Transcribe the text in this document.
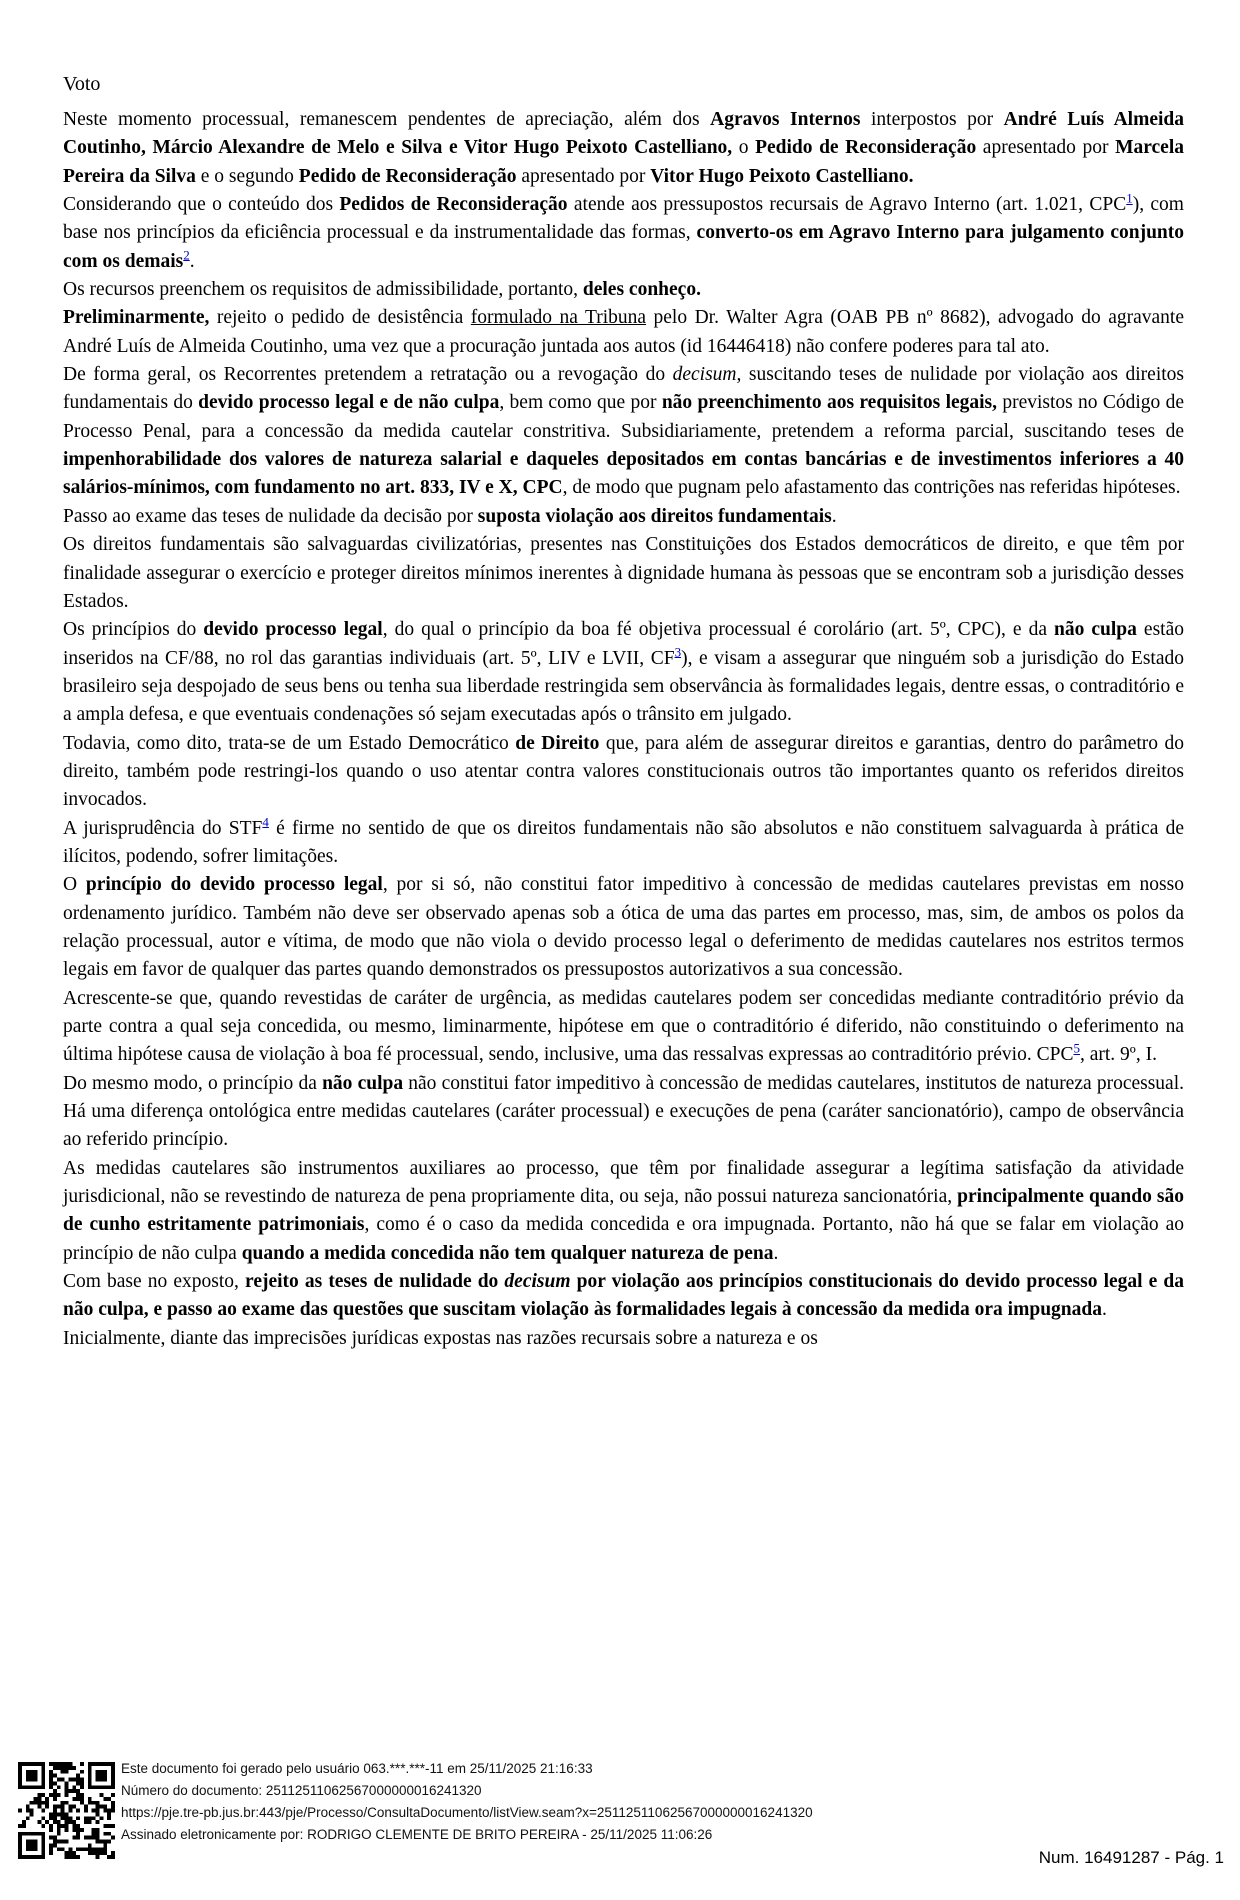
Voto

Neste momento processual, remanescem pendentes de apreciação, além dos Agravos Internos interpostos por André Luís Almeida Coutinho, Márcio Alexandre de Melo e Silva e Vitor Hugo Peixoto Castelliano, o Pedido de Reconsideração apresentado por Marcela Pereira da Silva e o segundo Pedido de Reconsideração apresentado por Vitor Hugo Peixoto Castelliano.

Considerando que o conteúdo dos Pedidos de Reconsideração atende aos pressupostos recursais de Agravo Interno (art. 1.021, CPC$^1$), com base nos princípios da eficiência processual e da instrumentalidade das formas, converto-os em Agravo Interno para julgamento conjunto com os demais$^2$.

Os recursos preenchem os requisitos de admissibilidade, portanto, deles conheço.

Preliminarmente, rejeito o pedido de desistência formulado na Tribuna pelo Dr. Walter Agra (OAB PB nº 8682), advogado do agravante André Luís de Almeida Coutinho, uma vez que a procuração juntada aos autos (id 16446418) não confere poderes para tal ato.

De forma geral, os Recorrentes pretendem a retratação ou a revogação do decisum, suscitando teses de nulidade por violação aos direitos fundamentais do devido processo legal e de não culpa, bem como que por não preenchimento aos requisitos legais, previstos no Código de Processo Penal, para a concessão da medida cautelar constritiva. Subsidiariamente, pretendem a reforma parcial, suscitando teses de impenhorabilidade dos valores de natureza salarial e daqueles depositados em contas bancárias e de investimentos inferiores a 40 salários-mínimos, com fundamento no art. 833, IV e X, CPC, de modo que pugnam pelo afastamento das contrições nas referidas hipóteses.

Passo ao exame das teses de nulidade da decisão por suposta violação aos direitos fundamentais.

Os direitos fundamentais são salvaguardas civilizatórias, presentes nas Constituições dos Estados democráticos de direito, e que têm por finalidade assegurar o exercício e proteger direitos mínimos inerentes à dignidade humana às pessoas que se encontram sob a jurisdição desses Estados.

Os princípios do devido processo legal, do qual o princípio da boa fé objetiva processual é corolário (art. 5º, CPC), e da não culpa estão inseridos na CF/88, no rol das garantias individuais (art. 5º, LIV e LVII, CF$^3$), e visam a assegurar que ninguém sob a jurisdição do Estado brasileiro seja despojado de seus bens ou tenha sua liberdade restringida sem observância às formalidades legais, dentre essas, o contraditório e a ampla defesa, e que eventuais condenações só sejam executadas após o trânsito em julgado.

Todavia, como dito, trata-se de um Estado Democrático de Direito que, para além de assegurar direitos e garantias, dentro do parâmetro do direito, também pode restringi-los quando o uso atentar contra valores constitucionais outros tão importantes quanto os referidos direitos invocados.

A jurisprudência do STF$^4$ é firme no sentido de que os direitos fundamentais não são absolutos e não constituem salvaguarda à prática de ilícitos, podendo, sofrer limitações.

O princípio do devido processo legal, por si só, não constitui fator impeditivo à concessão de medidas cautelares previstas em nosso ordenamento jurídico. Também não deve ser observado apenas sob a ótica de uma das partes em processo, mas, sim, de ambos os polos da relação processual, autor e vítima, de modo que não viola o devido processo legal o deferimento de medidas cautelares nos estritos termos legais em favor de qualquer das partes quando demonstrados os pressupostos autorizativos a sua concessão.

Acrescente-se que, quando revestidas de caráter de urgência, as medidas cautelares podem ser concedidas mediante contraditório prévio da parte contra a qual seja concedida, ou mesmo, liminarmente, hipótese em que o contraditório é diferido, não constituindo o deferimento na última hipótese causa de violação à boa fé processual, sendo, inclusive, uma das ressalvas expressas ao contraditório prévio. CPC$^5$, art. 9º, I.

Do mesmo modo, o princípio da não culpa não constitui fator impeditivo à concessão de medidas cautelares, institutos de natureza processual. Há uma diferença ontológica entre medidas cautelares (caráter processual) e execuções de pena (caráter sancionatório), campo de observância ao referido princípio.

As medidas cautelares são instrumentos auxiliares ao processo, que têm por finalidade assegurar a legítima satisfação da atividade jurisdicional, não se revestindo de natureza de pena propriamente dita, ou seja, não possui natureza sancionatória, principalmente quando são de cunho estritamente patrimoniais, como é o caso da medida concedida e ora impugnada. Portanto, não há que se falar em violação ao princípio de não culpa quando a medida concedida não tem qualquer natureza de pena.

Com base no exposto, rejeito as teses de nulidade do decisum por violação aos princípios constitucionais do devido processo legal e da não culpa, e passo ao exame das questões que suscitam violação às formalidades legais à concessão da medida ora impugnada.

Inicialmente, diante das imprecisões jurídicas expostas nas razões recursais sobre a natureza e os

Este documento foi gerado pelo usuário 063.***.***-11 em 25/11/2025 21:16:33
Número do documento: 25112511062567000000016241320
https://pje.tre-pb.jus.br:443/pje/Processo/ConsultaDocumento/listView.seam?x=25112511062567000000016241320
Assinado eletronicamente por: RODRIGO CLEMENTE DE BRITO PEREIRA - 25/11/2025 11:06:26
Num. 16491287 - Pág. 1
